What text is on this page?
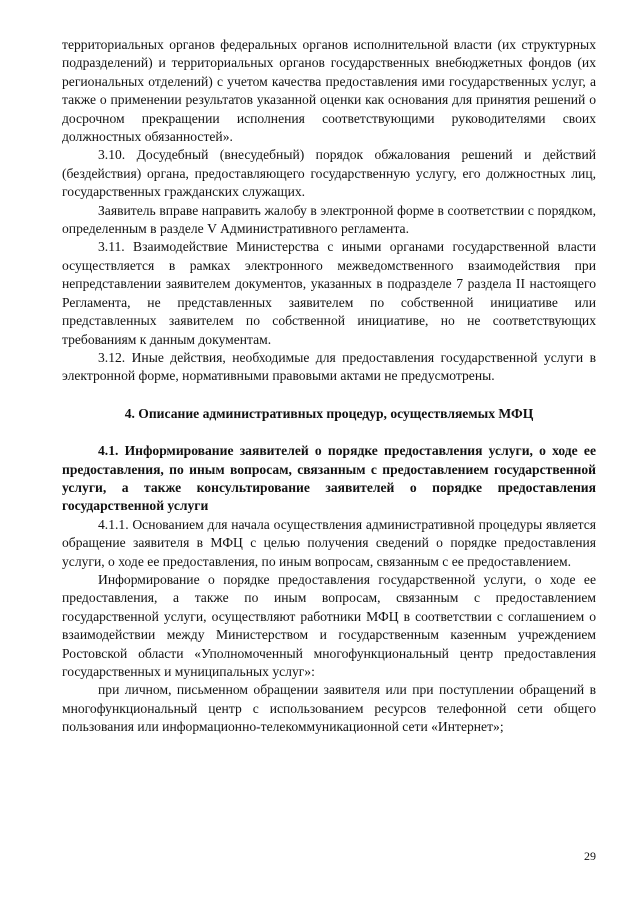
территориальных органов федеральных органов исполнительной власти (их структурных подразделений) и территориальных органов государственных внебюджетных фондов (их региональных отделений) с учетом качества предоставления ими государственных услуг, а также о применении результатов указанной оценки как основания для принятия решений о досрочном прекращении исполнения соответствующими руководителями своих должностных обязанностей».

3.10. Досудебный (внесудебный) порядок обжалования решений и действий (бездействия) органа, предоставляющего государственную услугу, его должностных лиц, государственных гражданских служащих.

Заявитель вправе направить жалобу в электронной форме в соответствии с порядком, определенным в разделе V Административного регламента.

3.11. Взаимодействие Министерства с иными органами государственной власти осуществляется в рамках электронного межведомственного взаимодействия при непредставлении заявителем документов, указанных в подразделе 7 раздела II настоящего Регламента, не представленных заявителем по собственной инициативе или представленных заявителем по собственной инициативе, но не соответствующих требованиям к данным документам.

3.12. Иные действия, необходимые для предоставления государственной услуги в электронной форме, нормативными правовыми актами не предусмотрены.

4. Описание административных процедур, осуществляемых МФЦ

4.1. Информирование заявителей о порядке предоставления услуги, о ходе ее предоставления, по иным вопросам, связанным с предоставлением государственной услуги, а также консультирование заявителей о порядке предоставления государственной услуги

4.1.1. Основанием для начала осуществления административной процедуры является обращение заявителя в МФЦ с целью получения сведений о порядке предоставления услуги, о ходе ее предоставления, по иным вопросам, связанным с ее предоставлением.

Информирование о порядке предоставления государственной услуги, о ходе ее предоставления, а также по иным вопросам, связанным с предоставлением государственной услуги, осуществляют работники МФЦ в соответствии с соглашением о взаимодействии между Министерством и государственным казенным учреждением Ростовской области «Уполномоченный многофункциональный центр предоставления государственных и муниципальных услуг»:

при личном, письменном обращении заявителя или при поступлении обращений в многофункциональный центр с использованием ресурсов телефонной сети общего пользования или информационно-телекоммуникационной сети «Интернет»;

29
